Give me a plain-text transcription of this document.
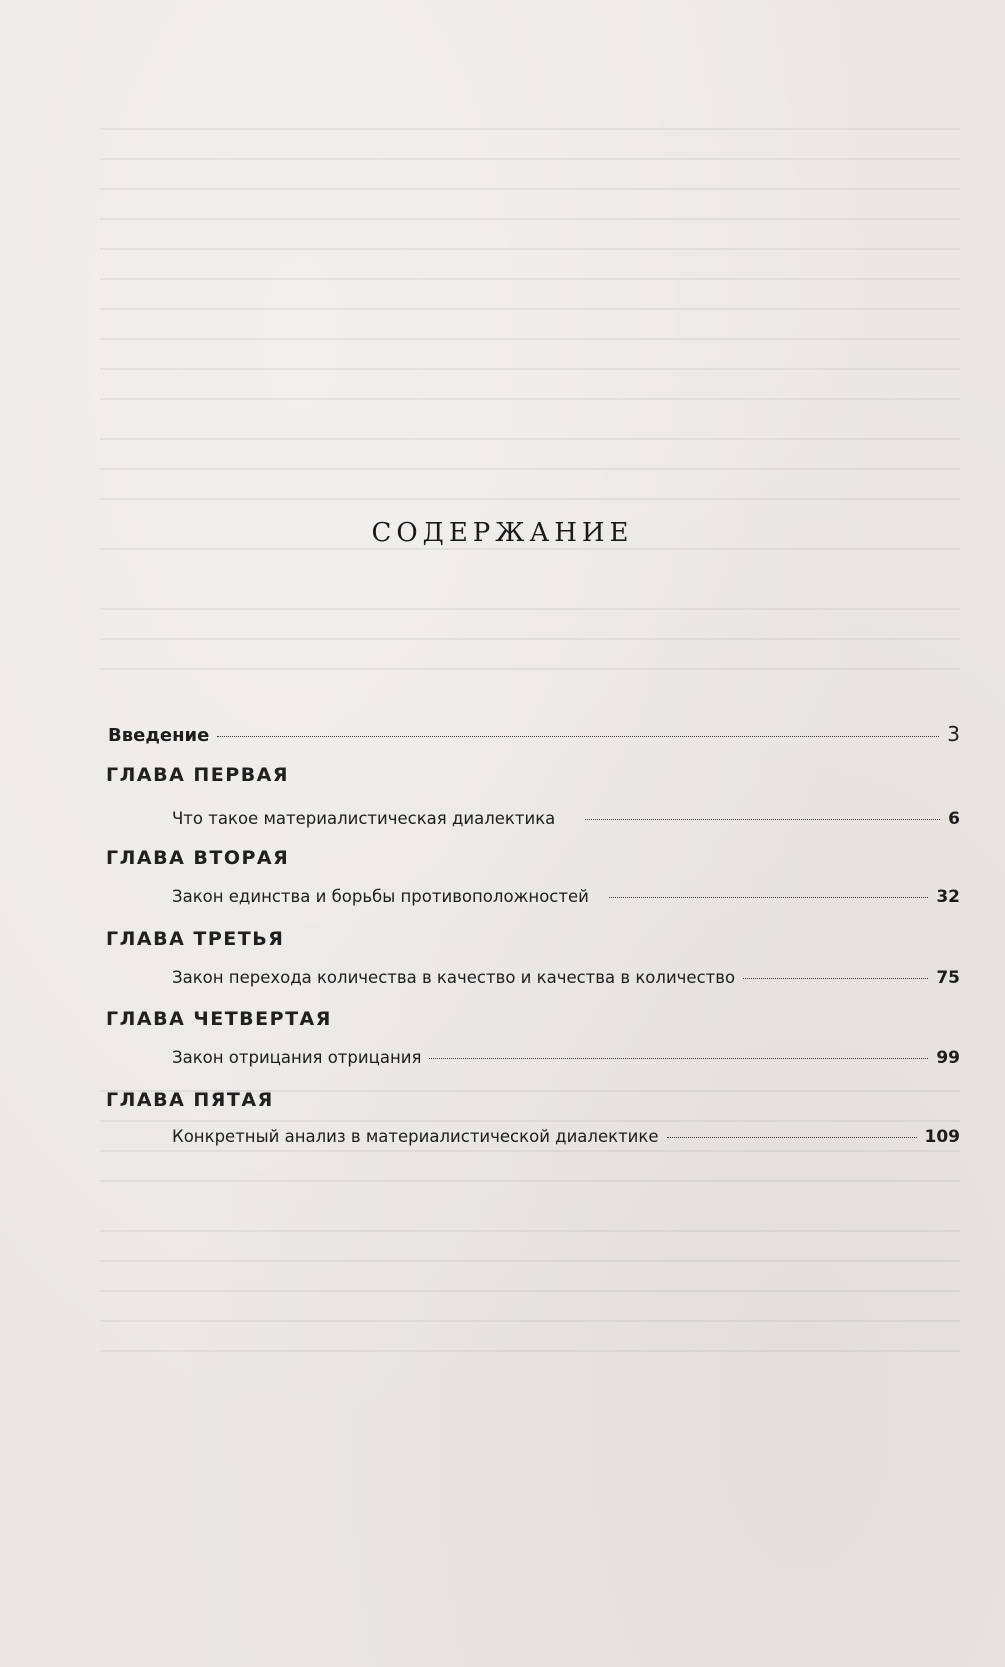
СОДЕРЖАНИЕ
Введение	3
ГЛАВА ПЕРВАЯ
Что такое материалистическая диалектика	6
ГЛАВА ВТОРАЯ
Закон единства и борьбы противоположностей	32
ГЛАВА ТРЕТЬЯ
Закон перехода количества в качество и качества в количество	75
ГЛАВА ЧЕТВЕРТАЯ
Закон отрицания отрицания	99
ГЛАВА ПЯТАЯ
Конкретный анализ в материалистической диалектике	109
